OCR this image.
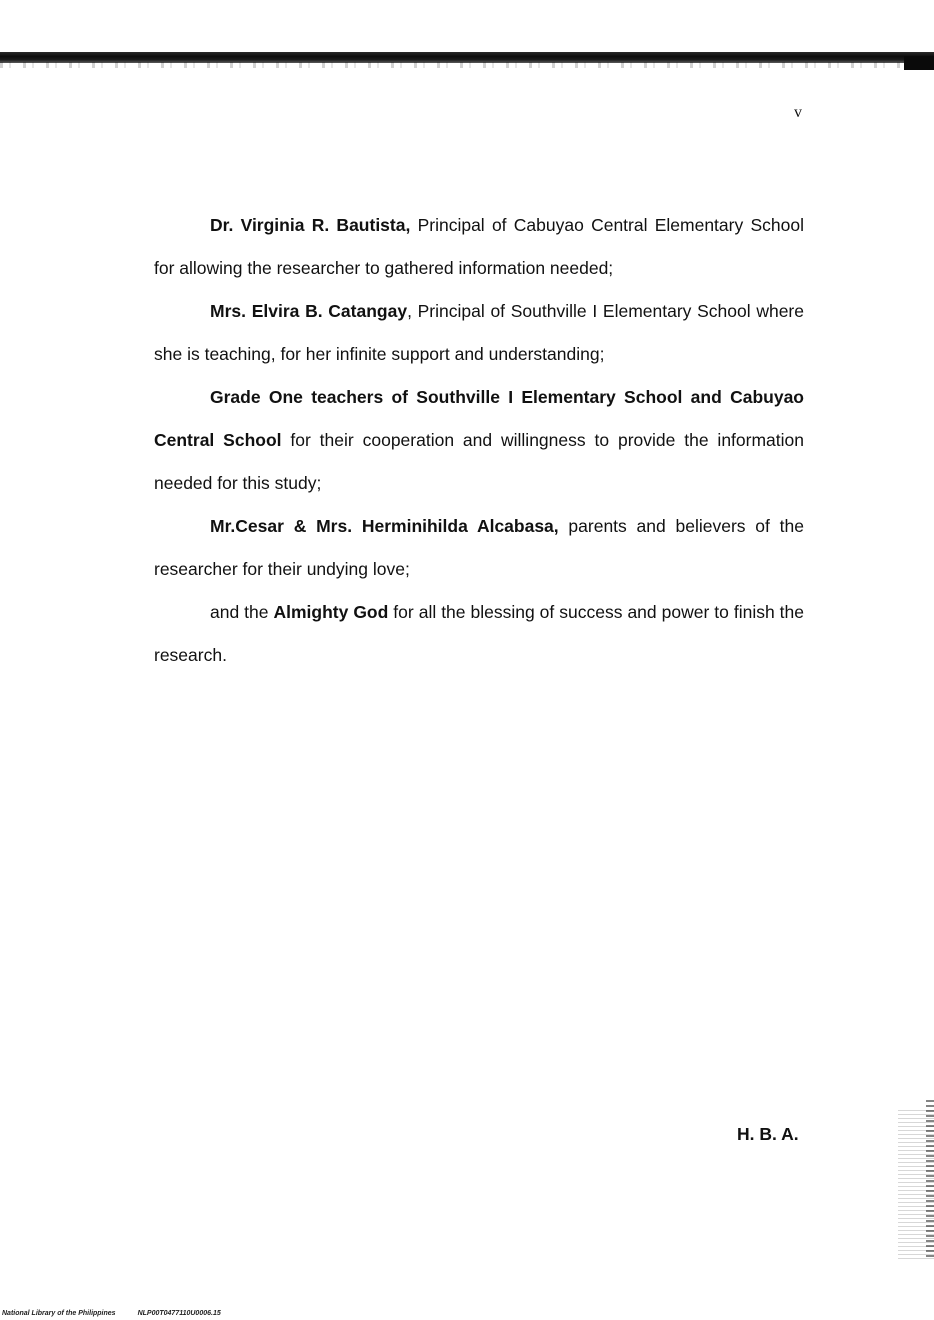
v

Dr. Virginia R. Bautista, Principal of Cabuyao Central Elementary School for allowing the researcher to gathered information needed;

Mrs. Elvira B. Catangay, Principal of Southville I Elementary School where she is teaching, for her infinite support and understanding;

Grade One teachers of Southville I Elementary School and Cabuyao Central School for their cooperation and willingness to provide the information needed for this study;

Mr.Cesar & Mrs. Herminihilda Alcabasa, parents and believers of the researcher for their undying love;

and the Almighty God for all the blessing of success and power to finish the research.

H. B. A.
National Library of the Philippines	NLP00T0477110U0006.15
